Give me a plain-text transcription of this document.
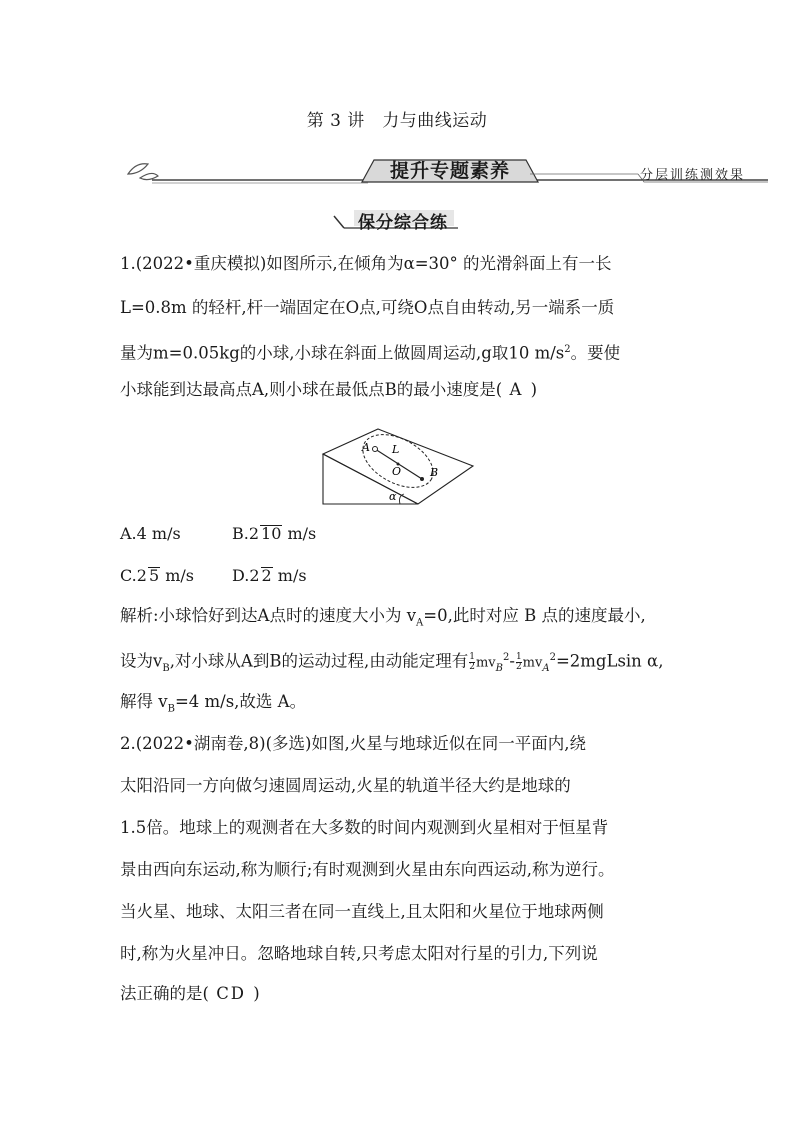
第 3 讲　力与曲线运动
提升专题素养	分层训练测效果
保分综合练
1.(2022•重庆模拟)如图所示,在倾角为α=30° 的光滑斜面上有一长
L=0.8m 的轻杆,杆一端固定在O点,可绕O点自由转动,另一端系一质
量为m=0.05kg的小球,小球在斜面上做圆周运动,g取10 $m/s^2$。要使
小球能到达最高点A,则小球在最低点B的最小速度是( A )
A L
O	B
α
A.4 m/s	B.2 10 m/s
C.2 5 m/s D.2 2 m/s
解析:小球恰好到达A点时的速度大小为 $v_A=0$,此时对应 B 点的速度最小,
设为$v_B$,对小球从A到B的运动过程,由动能定理有 $\frac{1}{2} mv_B^2- \frac{1}{2} mv_A^2=2mgLsin$ α,
解得 $v_B=4$ m/s,故选 A。
2.(2022•湖南卷,8)(多选)如图,火星与地球近似在同一平面内,绕
太阳沿同一方向做匀速圆周运动,火星的轨道半径大约是地球的
1.5倍。地球上的观测者在大多数的时间内观测到火星相对于恒星背
景由西向东运动,称为顺行;有时观测到火星由东向西运动,称为逆行。
当火星、地球、太阳三者在同一直线上,且太阳和火星位于地球两侧
时,称为火星冲日。忽略地球自转,只考虑太阳对行星的引力,下列说
法正确的是( CD )
